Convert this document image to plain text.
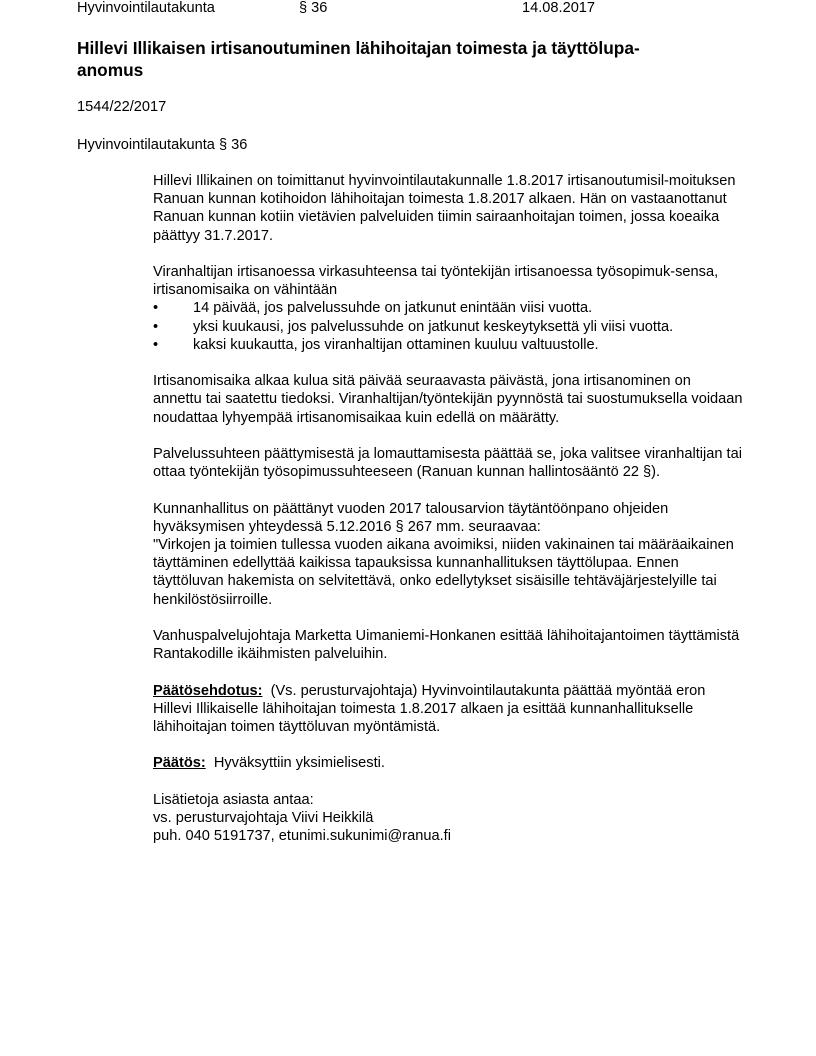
Hyvinvointilautakunta	§ 36	14.08.2017
Hillevi Illikaisen irtisanoutuminen lähihoitajan toimesta ja täyttölupa-anomus
1544/22/2017
Hyvinvointilautakunta § 36

Hillevi Illikainen on toimittanut hyvinvointilautakunnalle 1.8.2017 irtisanoutumisil-moituksen Ranuan kunnan kotihoidon lähihoitajan toimesta 1.8.2017 alkaen. Hän on vastaanottanut Ranuan kunnan kotiin vietävien palveluiden tiimin sairaanhoitajan toimen, jossa koeaika päättyy 31.7.2017.

Viranhaltijan irtisanoessa virkasuhteensa tai työntekijän irtisanoessa työsopimuk-sensa, irtisanomisaika on vähintään

•	14 päivää, jos palvelussuhde on jatkunut enintään viisi vuotta.
•	yksi kuukausi, jos palvelussuhde on jatkunut keskeytyksettä yli viisi vuotta.
•	kaksi kuukautta, jos viranhaltijan ottaminen kuuluu valtuustolle.

Irtisanomisaika alkaa kulua sitä päivää seuraavasta päivästä, jona irtisanominen on annettu tai saatettu tiedoksi. Viranhaltijan/työntekijän pyynnöstä tai suostumuksella voidaan noudattaa lyhyempää irtisanomisaikaa kuin edellä on määrätty.

Palvelussuhteen päättymisestä ja lomauttamisesta päättää se, joka valitsee viranhaltijan tai ottaa työntekijän työsopimussuhteeseen (Ranuan kunnan hallintosääntö 22 §).

Kunnanhallitus on päättänyt vuoden 2017 talousarvion täytäntöönpano ohjeiden hyväksymisen yhteydessä 5.12.2016 § 267 mm. seuraavaa:
"Virkojen ja toimien tullessa vuoden aikana avoimiksi, niiden vakinainen tai määräaikainen täyttäminen edellyttää kaikissa tapauksissa kunnanhallituksen täyttölupaa. Ennen täyttöluvan hakemista on selvitettävä, onko edellytykset sisäisille tehtäväjärjestelyille tai henkilöstösiirroille.

Vanhuspalvelujohtaja Marketta Uimaniemi-Honkanen esittää lähihoitajantoimen täyttämistä Rantakodille ikäihmisten palveluihin.

Päätösehdotus: (Vs. perusturvajohtaja) Hyvinvointilautakunta päättää myöntää eron Hillevi Illikaiselle lähihoitajan toimesta 1.8.2017 alkaen ja esittää kunnanhallitukselle lähihoitajan toimen täyttöluvan myöntämistä.

Päätös: Hyväksyttiin yksimielisesti.

Lisätietoja asiasta antaa:
vs. perusturvajohtaja Viivi Heikkilä
puh. 040 5191737, etunimi.sukunimi@ranua.fi
